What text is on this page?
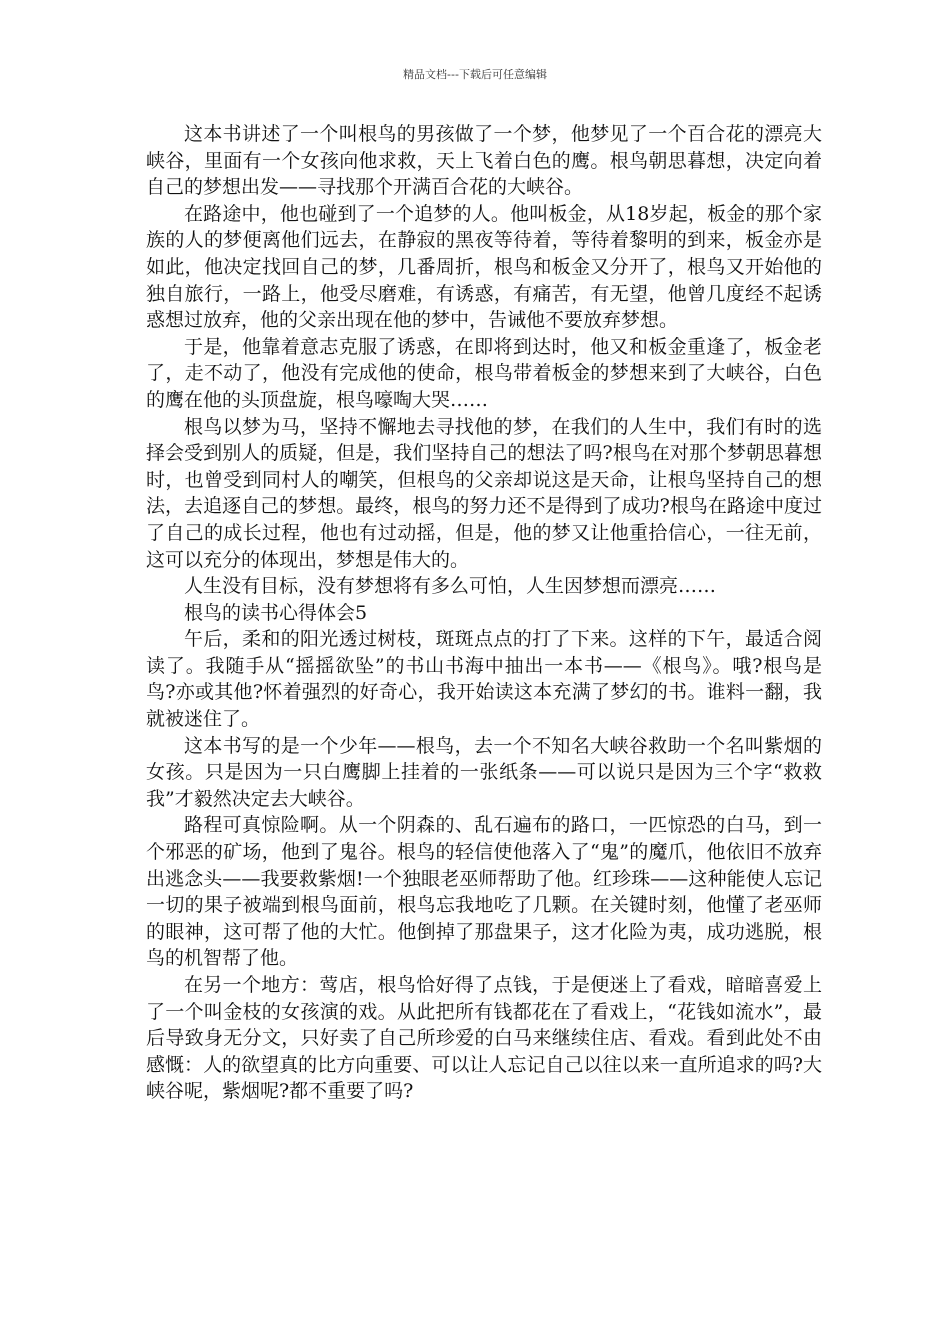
精品文档---下载后可任意编辑

这本书讲述了一个叫根鸟的男孩做了一个梦，他梦见了一个百合花的漂亮大峡谷，里面有一个女孩向他求救，天上飞着白色的鹰。根鸟朝思暮想，决定向着自己的梦想出发——寻找那个开满百合花的大峡谷。

在路途中，他也碰到了一个追梦的人。他叫板金，从18岁起，板金的那个家族的人的梦便离他们远去，在静寂的黑夜等待着，等待着黎明的到来，板金亦是如此，他决定找回自己的梦，几番周折，根鸟和板金又分开了，根鸟又开始他的独自旅行，一路上，他受尽磨难，有诱惑，有痛苦，有无望，他曾几度经不起诱惑想过放弃，他的父亲出现在他的梦中，告诫他不要放弃梦想。

于是，他靠着意志克服了诱惑，在即将到达时，他又和板金重逢了，板金老了，走不动了，他没有完成他的使命，根鸟带着板金的梦想来到了大峡谷，白色的鹰在他的头顶盘旋，根鸟嚎啕大哭……

根鸟以梦为马，坚持不懈地去寻找他的梦，在我们的人生中，我们有时的选择会受到别人的质疑，但是，我们坚持自己的想法了吗?根鸟在对那个梦朝思暮想时，也曾受到同村人的嘲笑，但根鸟的父亲却说这是天命，让根鸟坚持自己的想法，去追逐自己的梦想。最终，根鸟的努力还不是得到了成功?根鸟在路途中度过了自己的成长过程，他也有过动摇，但是，他的梦又让他重拾信心，一往无前，这可以充分的体现出，梦想是伟大的。

人生没有目标，没有梦想将有多么可怕，人生因梦想而漂亮……

根鸟的读书心得体会5

午后，柔和的阳光透过树枝，斑斑点点的打了下来。这样的下午，最适合阅读了。我随手从“摇摇欲坠”的书山书海中抽出一本书——《根鸟》。哦?根鸟是鸟?亦或其他?怀着强烈的好奇心，我开始读这本充满了梦幻的书。谁料一翻，我就被迷住了。

这本书写的是一个少年——根鸟，去一个不知名大峡谷救助一个名叫紫烟的女孩。只是因为一只白鹰脚上挂着的一张纸条——可以说只是因为三个字“救救我”才毅然决定去大峡谷。

路程可真惊险啊。从一个阴森的、乱石遍布的路口，一匹惊恐的白马，到一个邪恶的矿场，他到了鬼谷。根鸟的轻信使他落入了“鬼”的魔爪，他依旧不放弃出逃念头——我要救紫烟!一个独眼老巫师帮助了他。红珍珠——这种能使人忘记一切的果子被端到根鸟面前，根鸟忘我地吃了几颗。在关键时刻，他懂了老巫师的眼神，这可帮了他的大忙。他倒掉了那盘果子，这才化险为夷，成功逃脱，根鸟的机智帮了他。

在另一个地方：莺店，根鸟恰好得了点钱，于是便迷上了看戏，暗暗喜爱上了一个叫金枝的女孩演的戏。从此把所有钱都花在了看戏上，“花钱如流水”，最后导致身无分文，只好卖了自己所珍爱的白马来继续住店、看戏。看到此处不由感慨：人的欲望真的比方向重要、可以让人忘记自己以往以来一直所追求的吗?大峡谷呢，紫烟呢?都不重要了吗?
